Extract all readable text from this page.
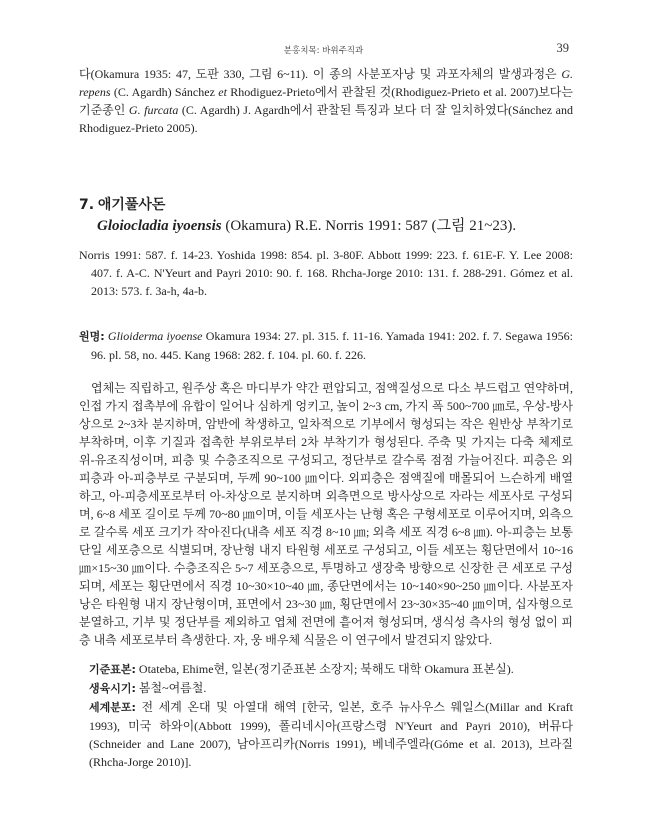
분홍치목: 바위주직과	39
다(Okamura 1935: 47, 도판 330, 그림 6~11). 이 종의 사분포자낭 및 과포자체의 발생과정은 G. repens (C. Agardh) Sánchez et Rhodiguez-Prieto에서 관찰된 것(Rhodiguez-Prieto et al. 2007)보다는 기준종인 G. furcata (C. Agardh) J. Agardh에서 관찰된 특징과 보다 더 잘 일치하였다(Sánchez and Rhodiguez-Prieto 2005).
7. 애기풀사돈
Gloiocladia iyoensis (Okamura) R.E. Norris 1991: 587 (그림 21~23).

Norris 1991: 587. f. 14-23. Yoshida 1998: 854. pl. 3-80F. Abbott 1999: 223. f. 61E-F. Y. Lee 2008: 407. f. A-C. N'Yeurt and Payri 2010: 90. f. 168. Rhcha-Jorge 2010: 131. f. 288-291. Gómez et al. 2013: 573. f. 3a-h, 4a-b.

원명: Glioiderma iyoense Okamura 1934: 27. pl. 315. f. 11-16. Yamada 1941: 202. f. 7. Segawa 1956: 96. pl. 58, no. 445. Kang 1968: 282. f. 104. pl. 60. f. 226.

엽체는 직립하고, 원주상 혹은 마디부가 약간 편압되고, 점액질성으로 다소 부드럽고 연약하며, 인접 가지 접촉부에 유합이 일어나 심하게 엉키고, 높이 2~3 cm, 가지 폭 500~700 ㎛로, 우상-방사상으로 2~3차 분지하며, 암반에 착생하고, 일차적으로 기부에서 형성되는 작은 원반상 부착기로 부착하며, 이후 기질과 접촉한 부위로부터 2차 부착기가 형성된다. 주축 및 가지는 다축 체제로 위-유조직성이며, 피층 및 수층조직으로 구성되고, 정단부로 갈수록 점점 가늘어진다. 피층은 외피층과 아-피층부로 구분되며, 두께 90~100 ㎛이다. 외피층은 점액질에 매몰되어 느슨하게 배열하고, 아-피층세포로부터 아-차상으로 분지하며 외측면으로 방사상으로 자라는 세포사로 구성되며, 6~8 세포 길이로 두께 70~80 ㎛이며, 이들 세포사는 난형 혹은 구형세포로 이루어지며, 외측으로 갈수록 세포 크기가 작아진다(내측 세포 직경 8~10 ㎛; 외측 세포 직경 6~8 ㎛). 아-피층는 보통 단일 세포층으로 식별되며, 장난형 내지 타원형 세포로 구성되고, 이들 세포는 횡단면에서 10~16 ㎛×15~30 ㎛이다. 수층조직은 5~7 세포층으로, 투명하고 생장축 방향으로 신장한 큰 세포로 구성되며, 세포는 횡단면에서 직경 10~30×10~40 ㎛, 종단면에서는 10~140×90~250 ㎛이다. 사분포자낭은 타원형 내지 장난형이며, 표면에서 23~30 ㎛, 횡단면에서 23~30×35~40 ㎛이며, 십자형으로 분열하고, 기부 및 정단부를 제외하고 엽체 전면에 흩어져 형성되며, 생식성 측사의 형성 없이 피층 내측 세포로부터 측생한다. 자, 웅 배우체 식물은 이 연구에서 발견되지 않았다.

기준표본: Otateba, Ehime현, 일본(정기준표본 소장지; 북해도 대학 Okamura 표본실).

생육시기: 봄철~여름철.

세계분포: 전 세계 온대 및 아열대 해역 [한국, 일본, 호주 뉴사우스 웨일스(Millar and Kraft 1993), 미국 하와이(Abbott 1999), 폴리네시아(프랑스령 N'Yeurt and Payri 2010), 버뮤다(Schneider and Lane 2007), 남아프리카(Norris 1991), 베네주엘라(Góme et al. 2013), 브라질(Rhcha-Jorge 2010)].
